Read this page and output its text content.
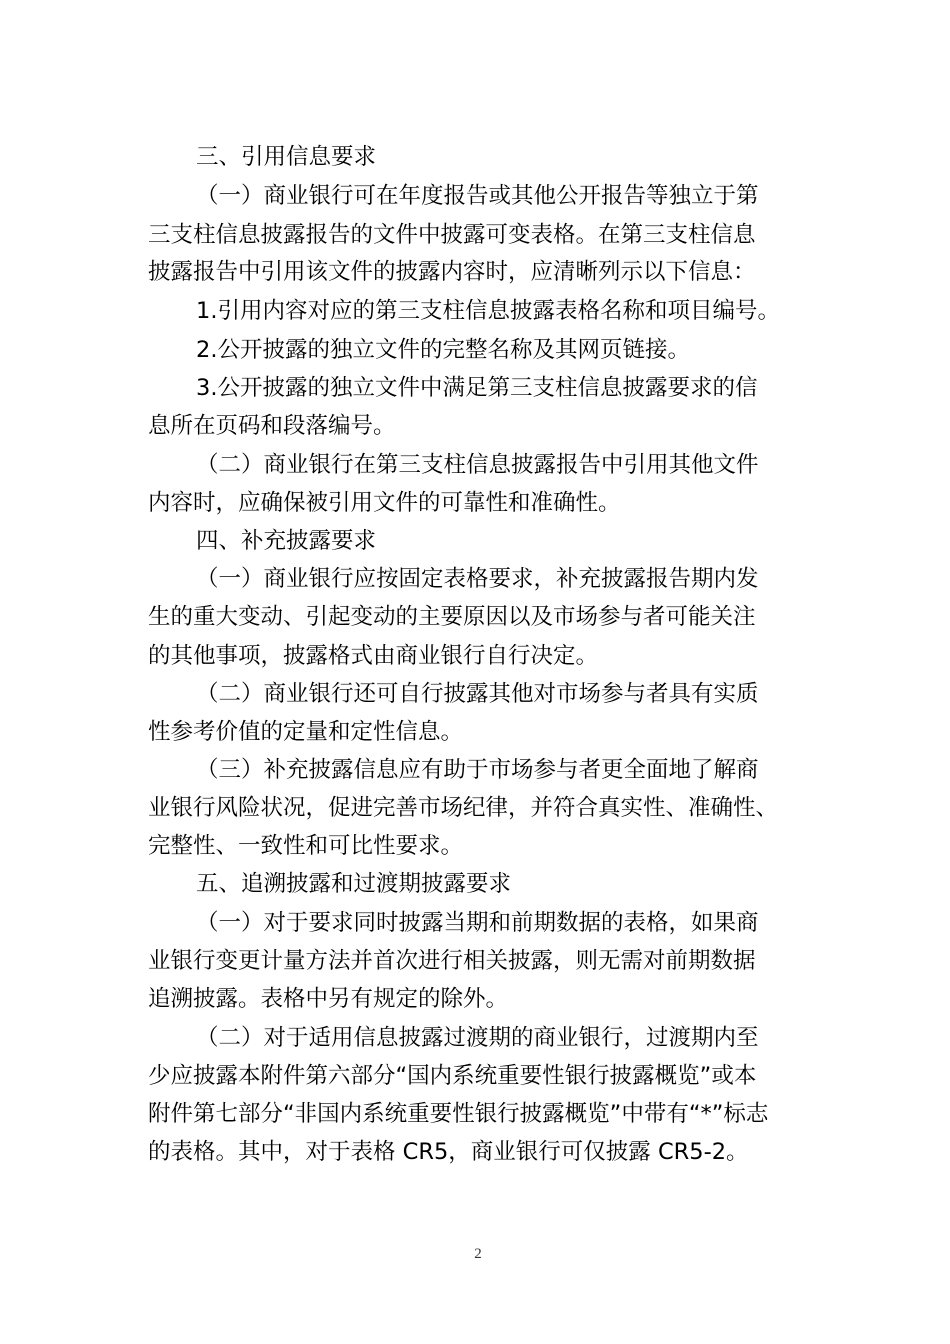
三、引用信息要求
（一）商业银行可在年度报告或其他公开报告等独立于第
三支柱信息披露报告的文件中披露可变表格。在第三支柱信息
披露报告中引用该文件的披露内容时，应清晰列示以下信息：
1.引用内容对应的第三支柱信息披露表格名称和项目编号。
2.公开披露的独立文件的完整名称及其网页链接。
3.公开披露的独立文件中满足第三支柱信息披露要求的信
息所在页码和段落编号。
（二）商业银行在第三支柱信息披露报告中引用其他文件
内容时，应确保被引用文件的可靠性和准确性。
四、补充披露要求
（一）商业银行应按固定表格要求，补充披露报告期内发
生的重大变动、引起变动的主要原因以及市场参与者可能关注
的其他事项，披露格式由商业银行自行决定。
（二）商业银行还可自行披露其他对市场参与者具有实质
性参考价值的定量和定性信息。
（三）补充披露信息应有助于市场参与者更全面地了解商
业银行风险状况，促进完善市场纪律，并符合真实性、准确性、
完整性、一致性和可比性要求。
五、追溯披露和过渡期披露要求
（一）对于要求同时披露当期和前期数据的表格，如果商
业银行变更计量方法并首次进行相关披露，则无需对前期数据
追溯披露。表格中另有规定的除外。
（二）对于适用信息披露过渡期的商业银行，过渡期内至
少应披露本附件第六部分“国内系统重要性银行披露概览”或本
附件第七部分“非国内系统重要性银行披露概览”中带有“*”标志
的表格。其中，对于表格 CR5，商业银行可仅披露 CR5-2。
2
